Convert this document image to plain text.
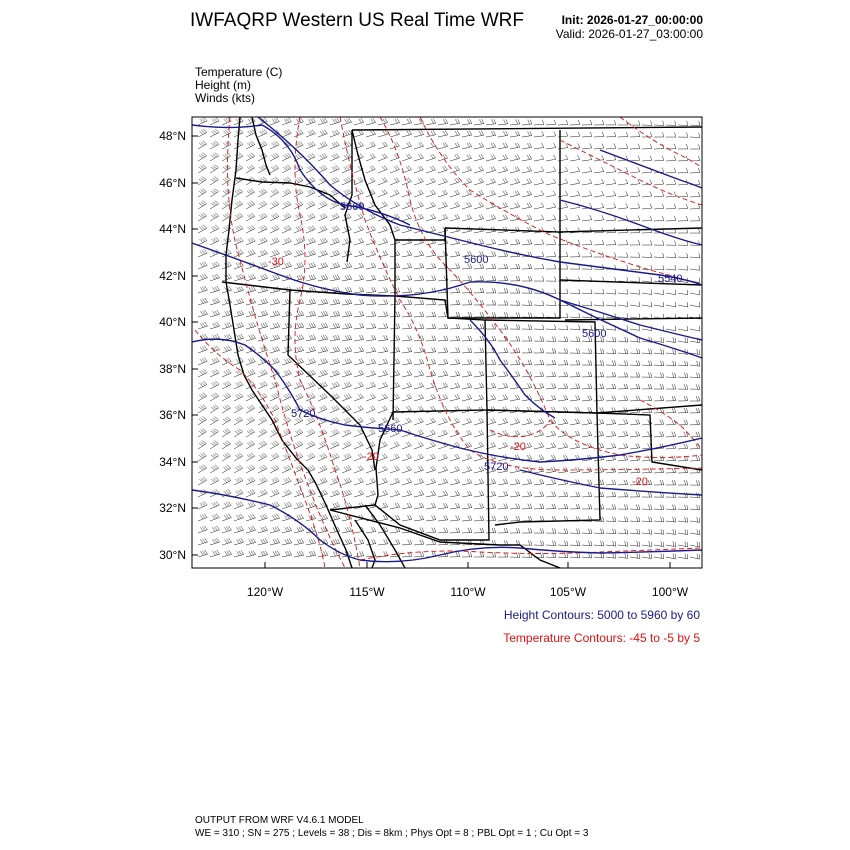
IWFAQRP Western US Real Time WRF	Init: 2026-01-27_00:00:00
Valid: 2026-01-27_03:00:00
Temperature (C)
Height (m)
Winds (kts)
5660
5600
5540
5600
5720
5660
5720
-30
-20
-20
-20
48°N
46°N
44°N
42°N
40°N
38°N
36°N
34°N
32°N
30°N
120°W	115°W	110°W	105°W	100°W
Height Contours: 5000 to 5960 by 60
Temperature Contours: -45 to -5 by 5
OUTPUT FROM WRF V4.6.1 MODEL
WE = 310 ; SN = 275 ; Levels = 38 ; Dis = 8km ; Phys Opt = 8 ; PBL Opt = 1 ; Cu Opt = 3
